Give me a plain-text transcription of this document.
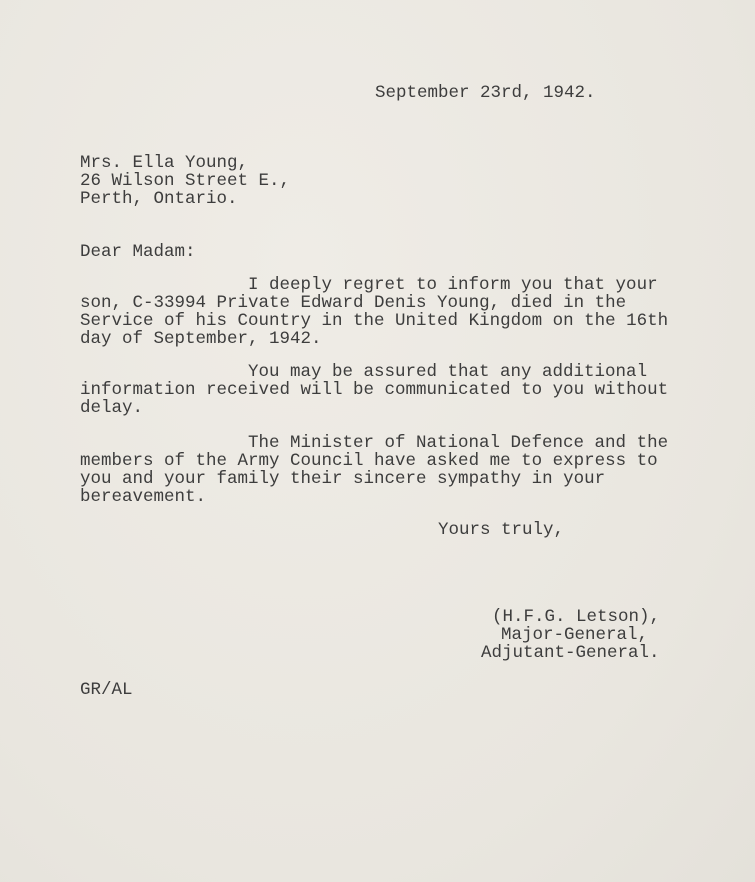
September 23rd, 1942.
Mrs. Ella Young,
26 Wilson Street E.,
Perth, Ontario.
Dear Madam:
I deeply regret to inform you that your
son, C-33994 Private Edward Denis Young, died in the
Service of his Country in the United Kingdom on the 16th
day of September, 1942.
You may be assured that any additional
information received will be communicated to you without
delay.
The Minister of National Defence and the
members of the Army Council have asked me to express to
you and your family their sincere sympathy in your
bereavement.
Yours truly,
(H.F.G. Letson),
Major-General,
Adjutant-General.
GR/AL
